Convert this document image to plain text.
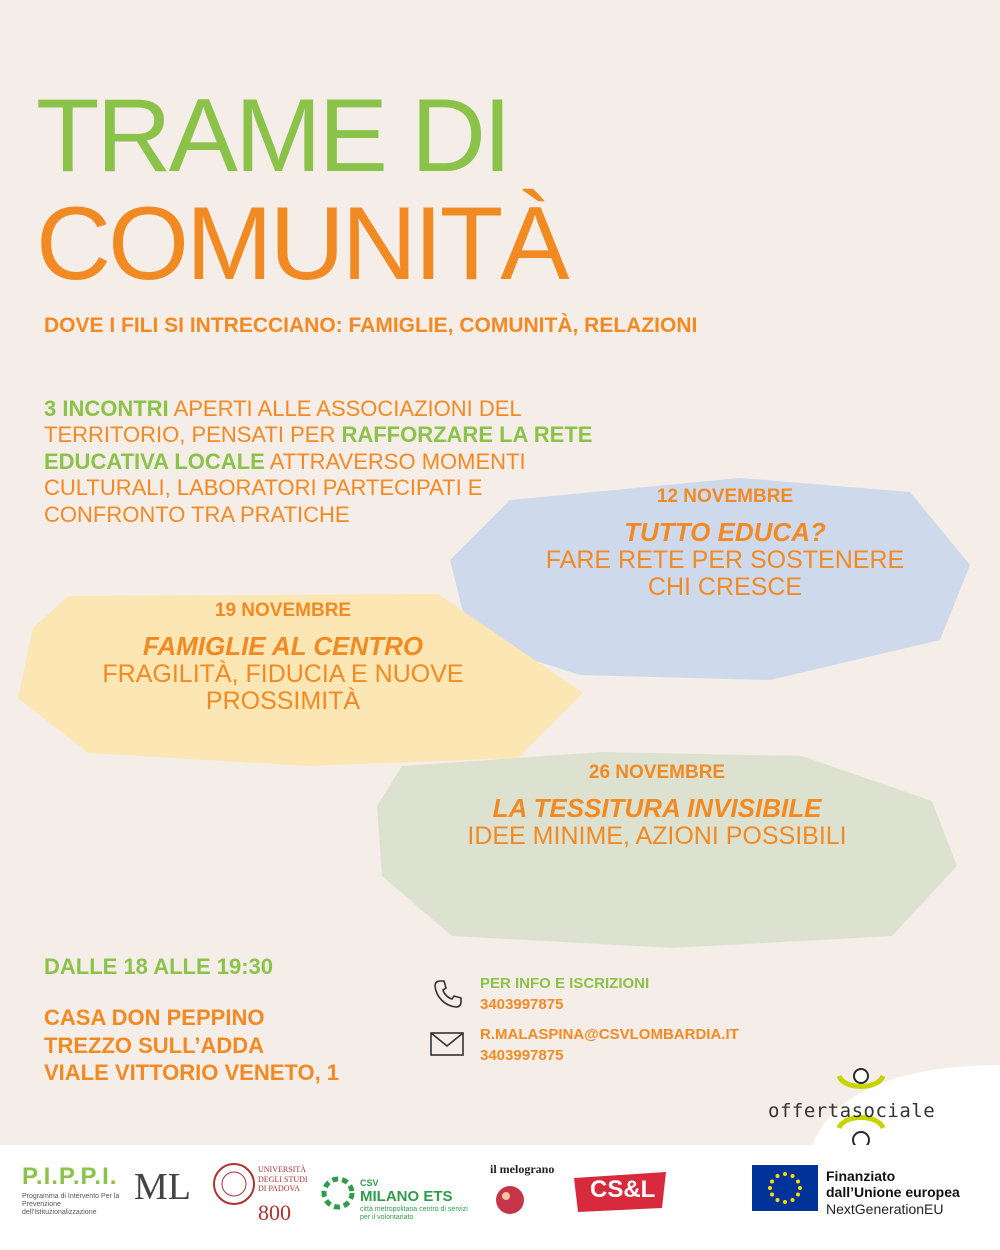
TRAME DI
COMUNITÀ
DOVE I FILI SI INTRECCIANO: FAMIGLIE, COMUNITÀ, RELAZIONI
3 INCONTRI APERTI ALLE ASSOCIAZIONI DEL TERRITORIO, PENSATI PER RAFFORZARE LA RETE EDUCATIVA LOCALE ATTRAVERSO MOMENTI CULTURALI, LABORATORI PARTECIPATI E CONFRONTO TRA PRATICHE
12 NOVEMBRE
TUTTO EDUCA?
FARE RETE PER SOSTENERE CHI CRESCE
19 NOVEMBRE
FAMIGLIE AL CENTRO
FRAGILITÀ, FIDUCIA E NUOVE PROSSIMITÀ
26 NOVEMBRE
LA TESSITURA INVISIBILE
IDEE MINIME, AZIONI POSSIBILI
DALLE 18 ALLE 19:30
CASA DON PEPPINO
TREZZO SULL’ADDA
VIALE VITTORIO VENETO, 1
PER INFO E ISCRIZIONI
3403997875
R.MALASPINA@CSVLOMBARDIA.IT
3403997875
offertasociale
P.I.P.P.I.
Programma di Intervento Per la Prevenzione dell'Istituzionalizzazione
ML	UNIVERSITÀ DEGLI STUDI DI PADOVA
800
CSV
MILANO ETS
città metropolitana centro di servizi per il volontariato
il melograno
CS&L	Finanziato
dall’Unione europea
NextGenerationEU
